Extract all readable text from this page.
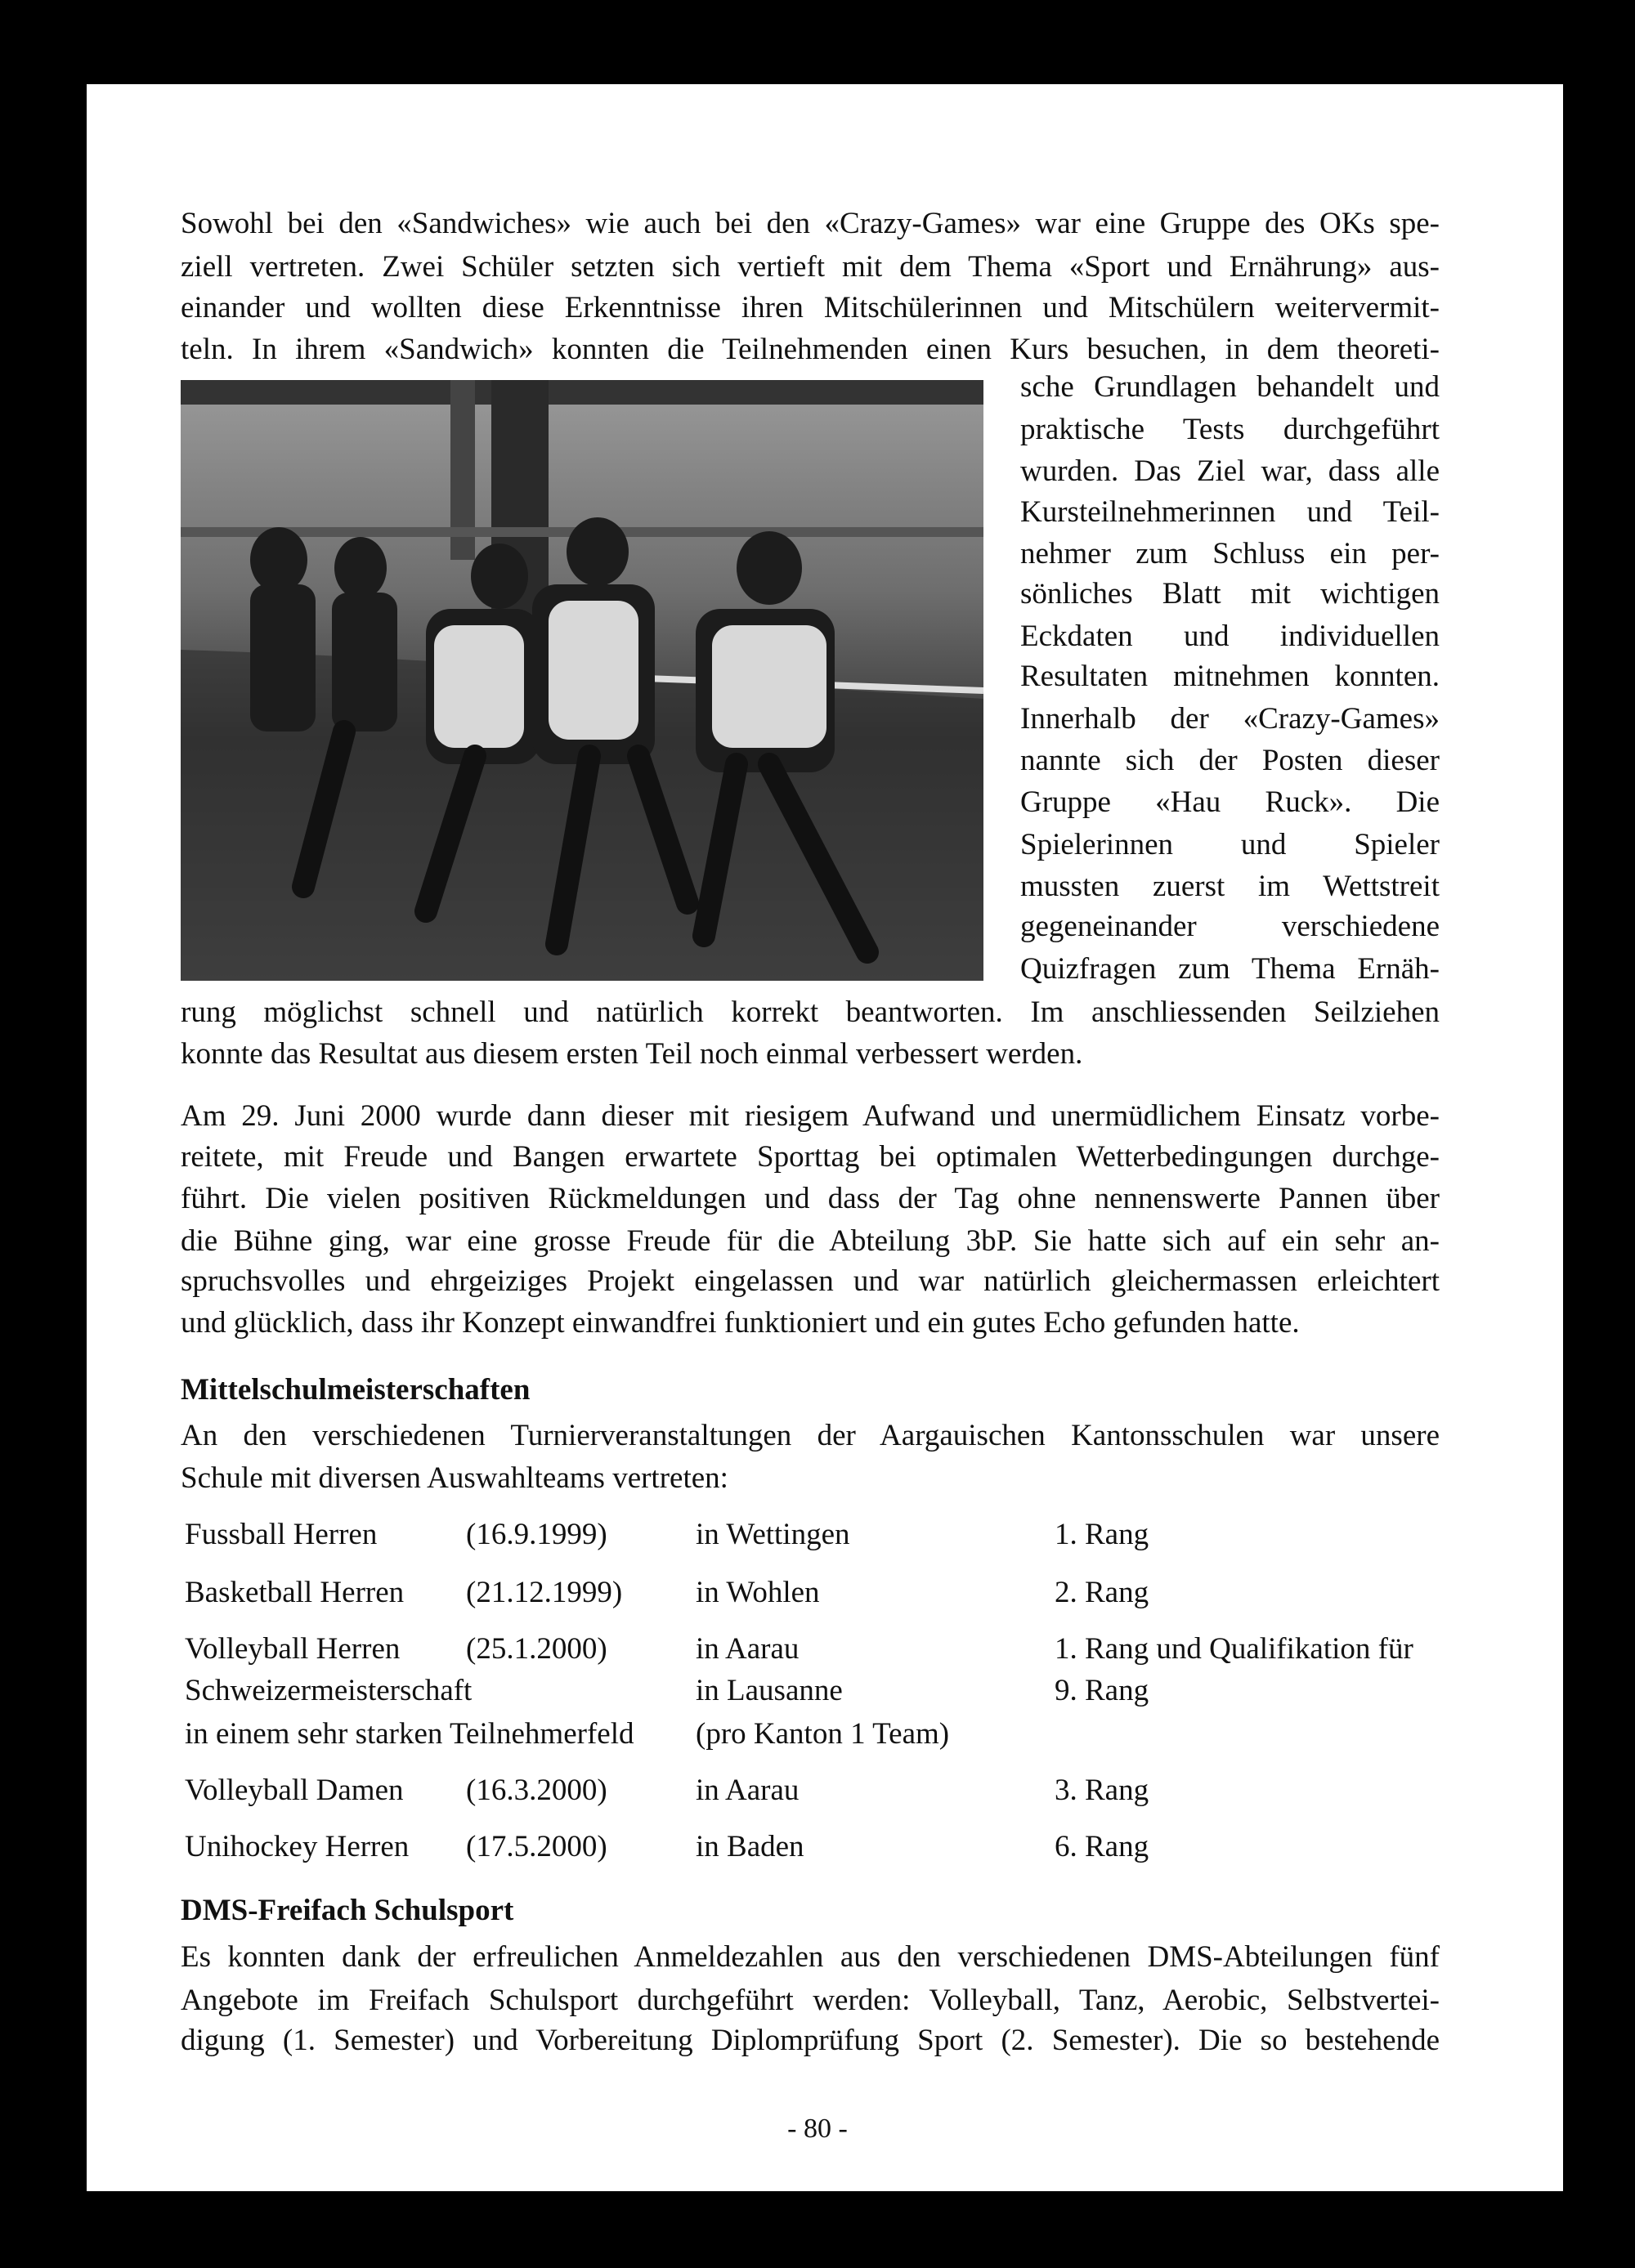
Sowohl bei den «Sandwiches» wie auch bei den «Crazy-Games» war eine Gruppe des OKs spe-
ziell vertreten. Zwei Schüler setzten sich vertieft mit dem Thema «Sport und Ernährung» aus-
einander und wollten diese Erkenntnisse ihren Mitschülerinnen und Mitschülern weitervermit-
teln. In ihrem «Sandwich» konnten die Teilnehmenden einen Kurs besuchen, in dem theoreti-
sche Grundlagen behandelt und
praktische Tests durchgeführt
wurden. Das Ziel war, dass alle
Kursteilnehmerinnen und Teil-
nehmer zum Schluss ein per-
sönliches Blatt mit wichtigen
Eckdaten und individuellen
Resultaten mitnehmen konnten.
Innerhalb der «Crazy-Games»
nannte sich der Posten dieser
Gruppe «Hau Ruck». Die
Spielerinnen und Spieler
mussten zuerst im Wettstreit
gegeneinander verschiedene
Quizfragen zum Thema Ernäh-
rung möglichst schnell und natürlich korrekt beantworten. Im anschliessenden Seilziehen
konnte das Resultat aus diesem ersten Teil noch einmal verbessert werden.
Am 29. Juni 2000 wurde dann dieser mit riesigem Aufwand und unermüdlichem Einsatz vorbe-
reitete, mit Freude und Bangen erwartete Sporttag bei optimalen Wetterbedingungen durchge-
führt. Die vielen positiven Rückmeldungen und dass der Tag ohne nennenswerte Pannen über
die Bühne ging, war eine grosse Freude für die Abteilung 3bP. Sie hatte sich auf ein sehr an-
spruchsvolles und ehrgeiziges Projekt eingelassen und war natürlich gleichermassen erleichtert
und glücklich, dass ihr Konzept einwandfrei funktioniert und ein gutes Echo gefunden hatte.
Mittelschulmeisterschaften
An den verschiedenen Turnierveranstaltungen der Aargauischen Kantonsschulen war unsere
Schule mit diversen Auswahlteams vertreten:
Fussball Herren	(16.9.1999)	in Wettingen	1. Rang
Basketball Herren (21.12.1999) in Wohlen	2. Rang
Volleyball Herren (25.1.2000)	in Aarau	1. Rang und Qualifikation für
Schweizermeisterschaft	in Lausanne	9. Rang
in einem sehr starken Teilnehmerfeld (pro Kanton 1 Team)
Volleyball Damen (16.3.2000)	in Aarau	3. Rang
Unihockey Herren (17.5.2000)	in Baden	6. Rang
DMS-Freifach Schulsport
Es konnten dank der erfreulichen Anmeldezahlen aus den verschiedenen DMS-Abteilungen fünf
Angebote im Freifach Schulsport durchgeführt werden: Volleyball, Tanz, Aerobic, Selbstvertei-
digung (1. Semester) und Vorbereitung Diplomprüfung Sport (2. Semester). Die so bestehende
- 80 -
